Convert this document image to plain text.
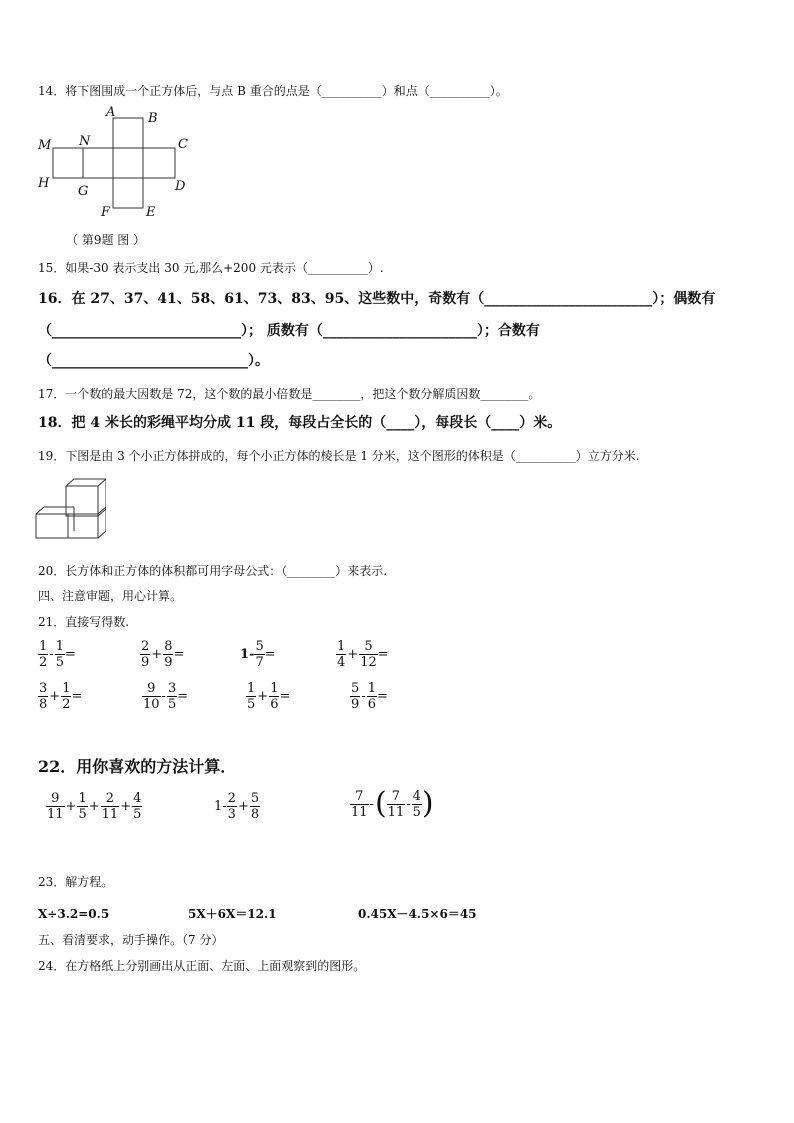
14．将下图围成一个正方体后，与点 B 重合的点是（__________）和点（__________）。
A	B
C
D
E
F
G
H
M N
（ 第9题 图 ）
15．如果-30 表示支出 30 元,那么+200 元表示（__________）.
16．在 27、37、41、58、61、73、83、95、这些数中，奇数有（________________________）；偶数有
（___________________________）； 质数有（______________________）；合数有
（____________________________）。
17．一个数的最大因数是 72，这个数的最小倍数是________，把这个数分解质因数________。
18．把 4 米长的彩绳平均分成 11 段，每段占全长的（____），每段长（____）米。
19．下图是由 3 个小正方体拼成的，每个小正方体的棱长是 1 分米，这个图形的体积是（__________）立方分米.
20．长方体和正方体的体积都可用字母公式：（________）来表示.
四、注意审题，用心计算。
21．直接写得数.
$\frac{1}{2} - \frac{1}{5}$ =	$\frac{2}{9} + \frac{8}{9}$ =	$1- \frac{5}{7}$ =	$\frac{1}{4} + \frac{5}{12}$ =
$\frac{3}{8} + \frac{1}{2}$ =	$\frac{9}{10} - \frac{3}{5}$ =	$\frac{1}{5} + \frac{1}{6}$ =	$\frac{5}{9} - \frac{1}{6}$ =
22．用你喜欢的方法计算．
$\frac{9}{11} + \frac{1}{5} + \frac{2}{11} + \frac{4}{5}$	$1- \frac{2}{3} + \frac{5}{8}$	$\frac{7}{11}$ - ( $\frac{7}{11} - \frac{4}{5}$ )
23．解方程。
X÷3.2=0.5	5X＋6X＝12.1	0.45X－4.5×6＝45
五、看清要求，动手操作。（7 分）
24．在方格纸上分别画出从正面、左面、上面观察到的图形。
